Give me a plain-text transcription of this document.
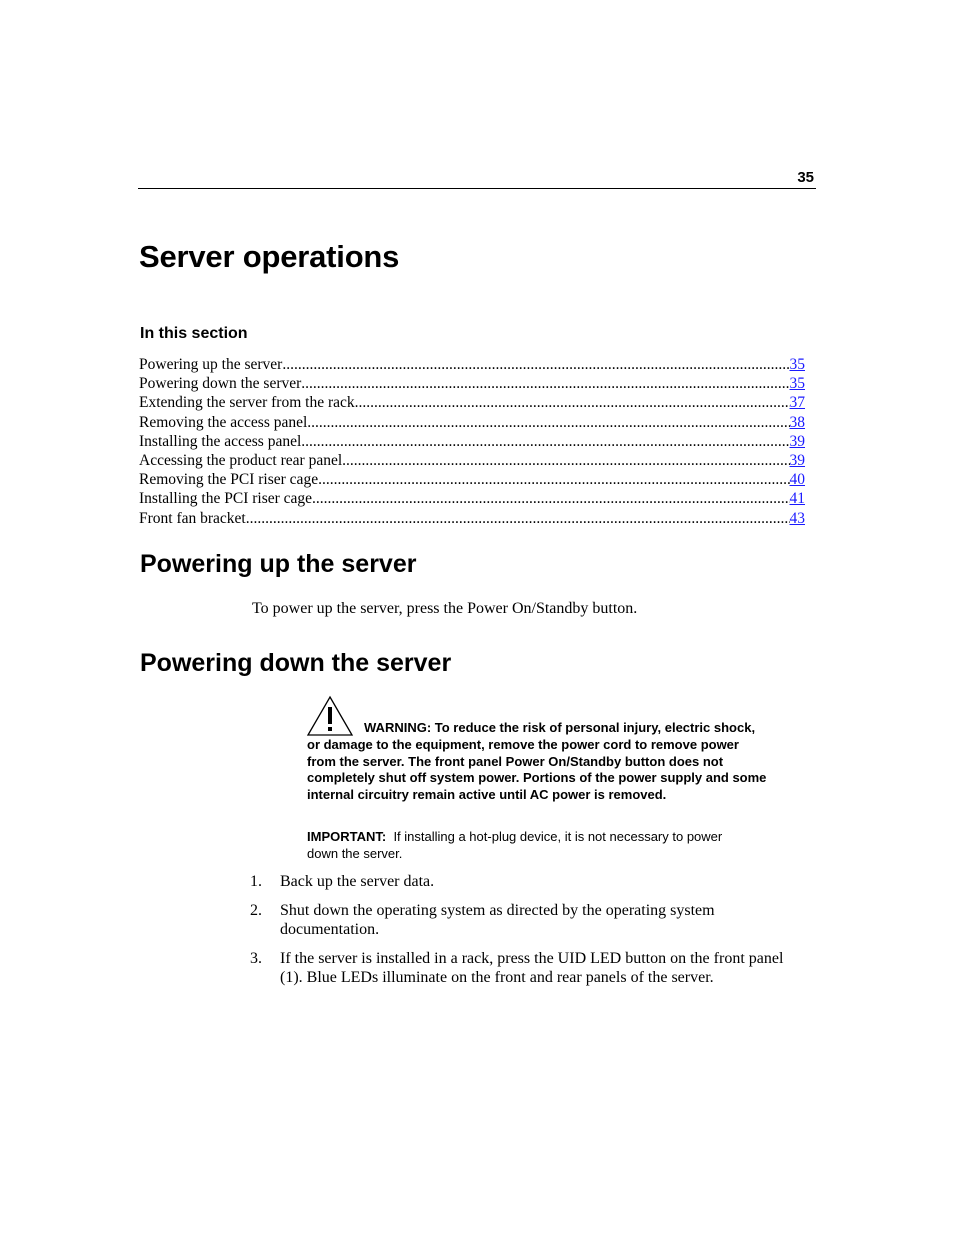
35
Server operations
In this section
Powering up the server .....	35
Powering down the server .....	35
Extending the server from the rack .....	37
Removing the access panel .....	38
Installing the access panel .....	39
Accessing the product rear panel .....	39
Removing the PCI riser cage .....	40
Installing the PCI riser cage .....	41
Front fan bracket .....	43
Powering up the server

To power up the server, press the Power On/Standby button.

Powering down the server

WARNING: To reduce the risk of personal injury, electric shock, or damage to the equipment, remove the power cord to remove power from the server. The front panel Power On/Standby button does not completely shut off system power. Portions of the power supply and some internal circuitry remain active until AC power is removed.

IMPORTANT: If installing a hot-plug device, it is not necessary to power down the server.

1.	Back up the server data.
2.	Shut down the operating system as directed by the operating system documentation.
3.	If the server is installed in a rack, press the UID LED button on the front panel (1). Blue LEDs illuminate on the front and rear panels of the server.
